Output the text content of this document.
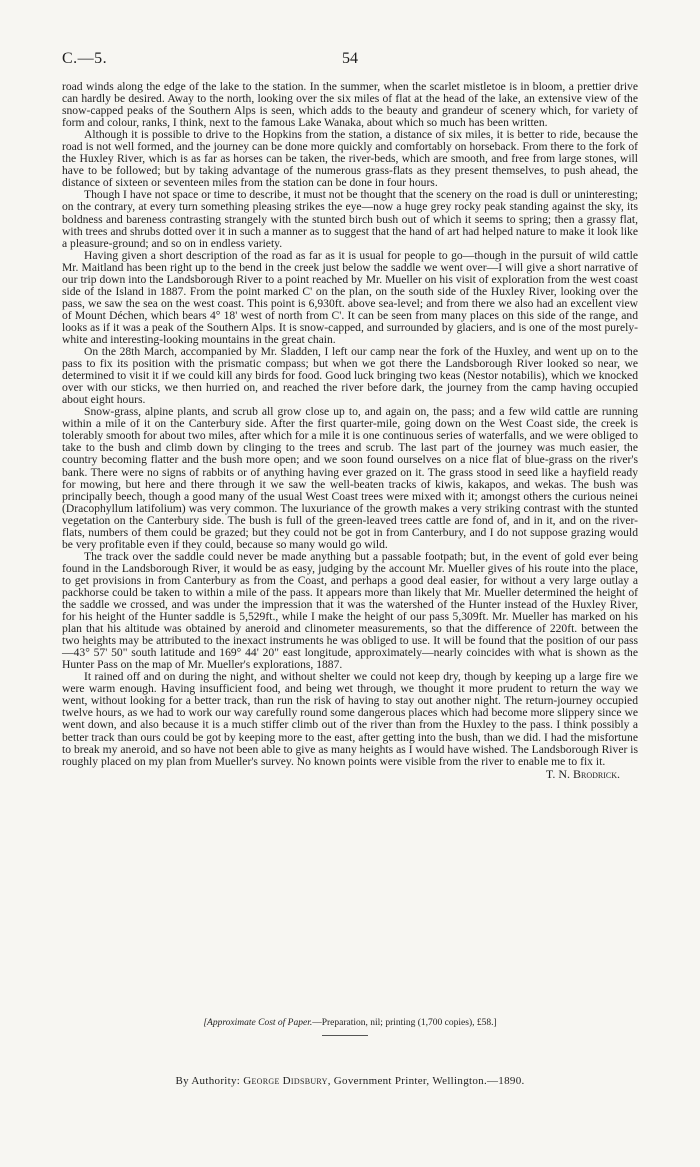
C.—5.	54

road winds along the edge of the lake to the station. In the summer, when the scarlet mistletoe is in bloom, a prettier drive can hardly be desired. Away to the north, looking over the six miles of flat at the head of the lake, an extensive view of the snow-capped peaks of the Southern Alps is seen, which adds to the beauty and grandeur of scenery which, for variety of form and colour, ranks, I think, next to the famous Lake Wanaka, about which so much has been written.

Although it is possible to drive to the Hopkins from the station, a distance of six miles, it is better to ride, because the road is not well formed, and the journey can be done more quickly and comfortably on horseback. From there to the fork of the Huxley River, which is as far as horses can be taken, the river-beds, which are smooth, and free from large stones, will have to be followed; but by taking advantage of the numerous grass-flats as they present themselves, to push ahead, the distance of sixteen or seventeen miles from the station can be done in four hours.

Though I have not space or time to describe, it must not be thought that the scenery on the road is dull or uninteresting; on the contrary, at every turn something pleasing strikes the eye—now a huge grey rocky peak standing against the sky, its boldness and bareness contrasting strangely with the stunted birch bush out of which it seems to spring; then a grassy flat, with trees and shrubs dotted over it in such a manner as to suggest that the hand of art had helped nature to make it look like a pleasure-ground; and so on in endless variety.

Having given a short description of the road as far as it is usual for people to go—though in the pursuit of wild cattle Mr. Maitland has been right up to the bend in the creek just below the saddle we went over—I will give a short narrative of our trip down into the Landsborough River to a point reached by Mr. Mueller on his visit of exploration from the west coast side of the Island in 1887. From the point marked C' on the plan, on the south side of the Huxley River, looking over the pass, we saw the sea on the west coast. This point is 6,930ft. above sea-level; and from there we also had an excellent view of Mount Déchen, which bears 4° 18' west of north from C'. It can be seen from many places on this side of the range, and looks as if it was a peak of the Southern Alps. It is snow-capped, and surrounded by glaciers, and is one of the most purely-white and interesting-looking mountains in the great chain.

On the 28th March, accompanied by Mr. Sladden, I left our camp near the fork of the Huxley, and went up on to the pass to fix its position with the prismatic compass; but when we got there the Landsborough River looked so near, we determined to visit it if we could kill any birds for food. Good luck bringing two keas (Nestor notabilis), which we knocked over with our sticks, we then hurried on, and reached the river before dark, the journey from the camp having occupied about eight hours.

Snow-grass, alpine plants, and scrub all grow close up to, and again on, the pass; and a few wild cattle are running within a mile of it on the Canterbury side. After the first quarter-mile, going down on the West Coast side, the creek is tolerably smooth for about two miles, after which for a mile it is one continuous series of waterfalls, and we were obliged to take to the bush and climb down by clinging to the trees and scrub. The last part of the journey was much easier, the country becoming flatter and the bush more open; and we soon found ourselves on a nice flat of blue-grass on the river's bank. There were no signs of rabbits or of anything having ever grazed on it. The grass stood in seed like a hayfield ready for mowing, but here and there through it we saw the well-beaten tracks of kiwis, kakapos, and wekas. The bush was principally beech, though a good many of the usual West Coast trees were mixed with it; amongst others the curious neinei (Dracophyllum latifolium) was very common. The luxuriance of the growth makes a very striking contrast with the stunted vegetation on the Canterbury side. The bush is full of the green-leaved trees cattle are fond of, and in it, and on the river-flats, numbers of them could be grazed; but they could not be got in from Canterbury, and I do not suppose grazing would be very profitable even if they could, because so many would go wild.

The track over the saddle could never be made anything but a passable footpath; but, in the event of gold ever being found in the Landsborough River, it would be as easy, judging by the account Mr. Mueller gives of his route into the place, to get provisions in from Canterbury as from the Coast, and perhaps a good deal easier, for without a very large outlay a packhorse could be taken to within a mile of the pass. It appears more than likely that Mr. Mueller determined the height of the saddle we crossed, and was under the impression that it was the watershed of the Hunter instead of the Huxley River, for his height of the Hunter saddle is 5,529ft., while I make the height of our pass 5,309ft. Mr. Mueller has marked on his plan that his altitude was obtained by aneroid and clinometer measurements, so that the difference of 220ft. between the two heights may be attributed to the inexact instruments he was obliged to use. It will be found that the position of our pass—43° 57' 50" south latitude and 169° 44' 20" east longitude, approximately—nearly coincides with what is shown as the Hunter Pass on the map of Mr. Mueller's explorations, 1887.

It rained off and on during the night, and without shelter we could not keep dry, though by keeping up a large fire we were warm enough. Having insufficient food, and being wet through, we thought it more prudent to return the way we went, without looking for a better track, than run the risk of having to stay out another night. The return-journey occupied twelve hours, as we had to work our way carefully round some dangerous places which had become more slippery since we went down, and also because it is a much stiffer climb out of the river than from the Huxley to the pass. I think possibly a better track than ours could be got by keeping more to the east, after getting into the bush, than we did. I had the misfortune to break my aneroid, and so have not been able to give as many heights as I would have wished. The Landsborough River is roughly placed on my plan from Mueller's survey. No known points were visible from the river to enable me to fix it.

T. N. Brodrick.
[Approximate Cost of Paper.—Preparation, nil; printing (1,700 copies), £58.]
By Authority: George Didsbury, Government Printer, Wellington.—1890.
